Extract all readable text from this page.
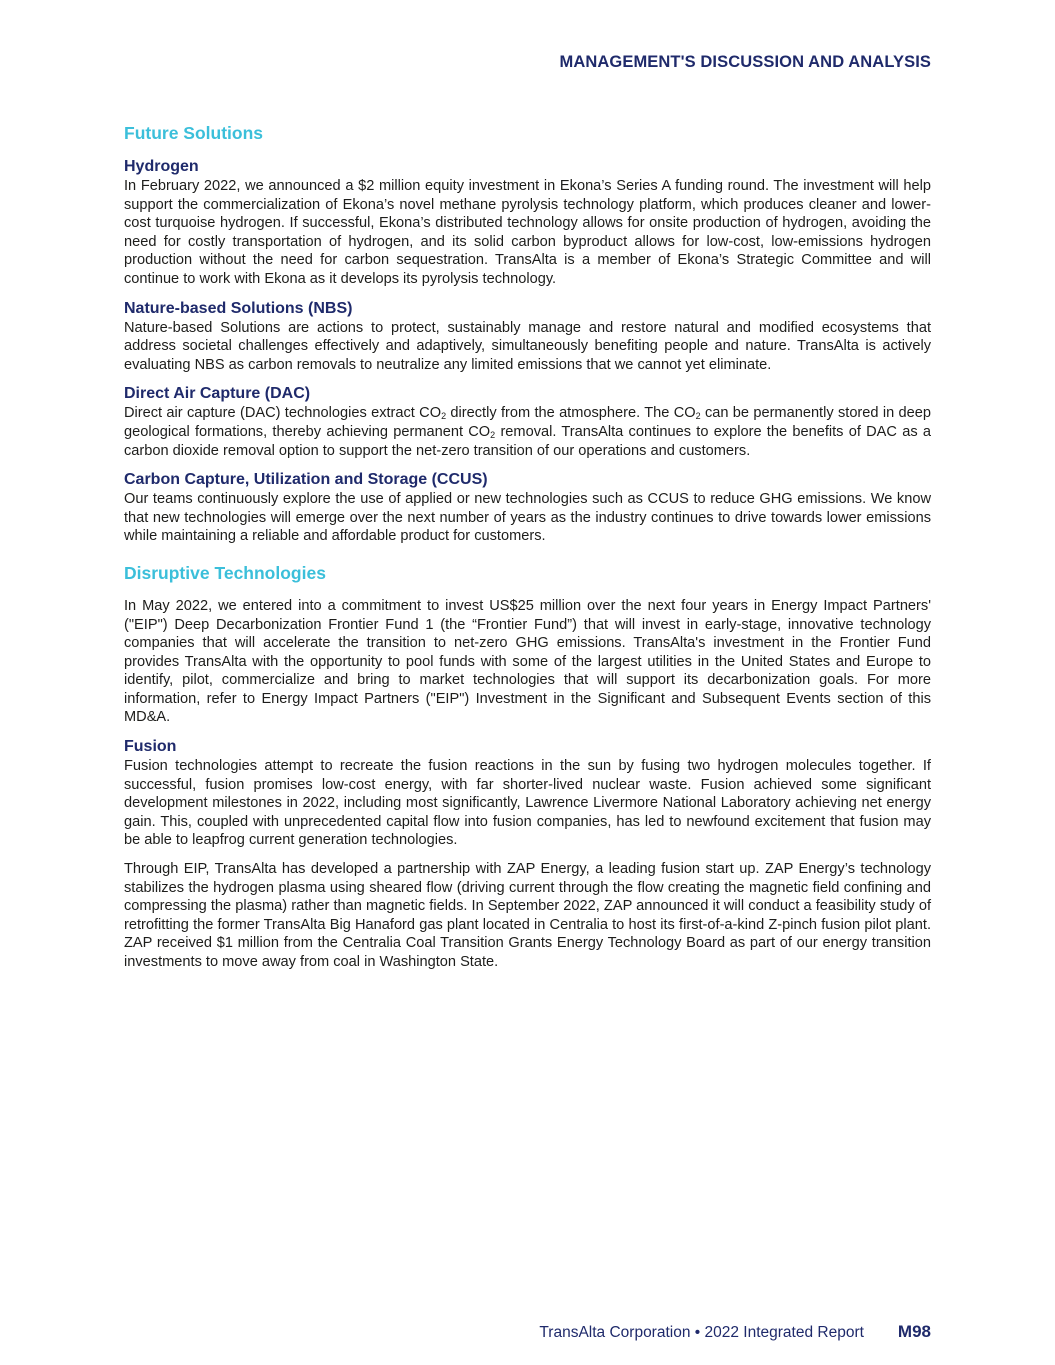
MANAGEMENT'S DISCUSSION AND ANALYSIS
Future Solutions
Hydrogen

In February 2022, we announced a $2 million equity investment in Ekona’s Series A funding round. The investment will help support the commercialization of Ekona’s novel methane pyrolysis technology platform, which produces cleaner and lower-cost turquoise hydrogen. If successful, Ekona’s distributed technology allows for onsite production of hydrogen, avoiding the need for costly transportation of hydrogen, and its solid carbon byproduct allows for low-cost, low-emissions hydrogen production without the need for carbon sequestration. TransAlta is a member of Ekona’s Strategic Committee and will continue to work with Ekona as it develops its pyrolysis technology.

Nature-based Solutions (NBS)

Nature-based Solutions are actions to protect, sustainably manage and restore natural and modified ecosystems that address societal challenges effectively and adaptively, simultaneously benefiting people and nature. TransAlta is actively evaluating NBS as carbon removals to neutralize any limited emissions that we cannot yet eliminate.

Direct Air Capture (DAC)

Direct air capture (DAC) technologies extract $CO_2$ directly from the atmosphere. The $CO_2$ can be permanently stored in deep geological formations, thereby achieving permanent $CO_2$ removal. TransAlta continues to explore the benefits of DAC as a carbon dioxide removal option to support the net-zero transition of our operations and customers.

Carbon Capture, Utilization and Storage (CCUS)

Our teams continuously explore the use of applied or new technologies such as CCUS to reduce GHG emissions. We know that new technologies will emerge over the next number of years as the industry continues to drive towards lower emissions while maintaining a reliable and affordable product for customers.

Disruptive Technologies

In May 2022, we entered into a commitment to invest US$25 million over the next four years in Energy Impact Partners' ("EIP") Deep Decarbonization Frontier Fund 1 (the “Frontier Fund”) that will invest in early-stage, innovative technology companies that will accelerate the transition to net-zero GHG emissions. TransAlta's investment in the Frontier Fund provides TransAlta with the opportunity to pool funds with some of the largest utilities in the United States and Europe to identify, pilot, commercialize and bring to market technologies that will support its decarbonization goals. For more information, refer to Energy Impact Partners ("EIP") Investment in the Significant and Subsequent Events section of this MD&A.

Fusion

Fusion technologies attempt to recreate the fusion reactions in the sun by fusing two hydrogen molecules together. If successful, fusion promises low-cost energy, with far shorter-lived nuclear waste. Fusion achieved some significant development milestones in 2022, including most significantly, Lawrence Livermore National Laboratory achieving net energy gain. This, coupled with unprecedented capital flow into fusion companies, has led to newfound excitement that fusion may be able to leapfrog current generation technologies.

Through EIP, TransAlta has developed a partnership with ZAP Energy, a leading fusion start up. ZAP Energy’s technology stabilizes the hydrogen plasma using sheared flow (driving current through the flow creating the magnetic field confining and compressing the plasma) rather than magnetic fields. In September 2022, ZAP announced it will conduct a feasibility study of retrofitting the former TransAlta Big Hanaford gas plant located in Centralia to host its first-of-a-kind Z-pinch fusion pilot plant. ZAP received $1 million from the Centralia Coal Transition Grants Energy Technology Board as part of our energy transition investments to move away from coal in Washington State.

TransAlta Corporation • 2022 Integrated Report M98
